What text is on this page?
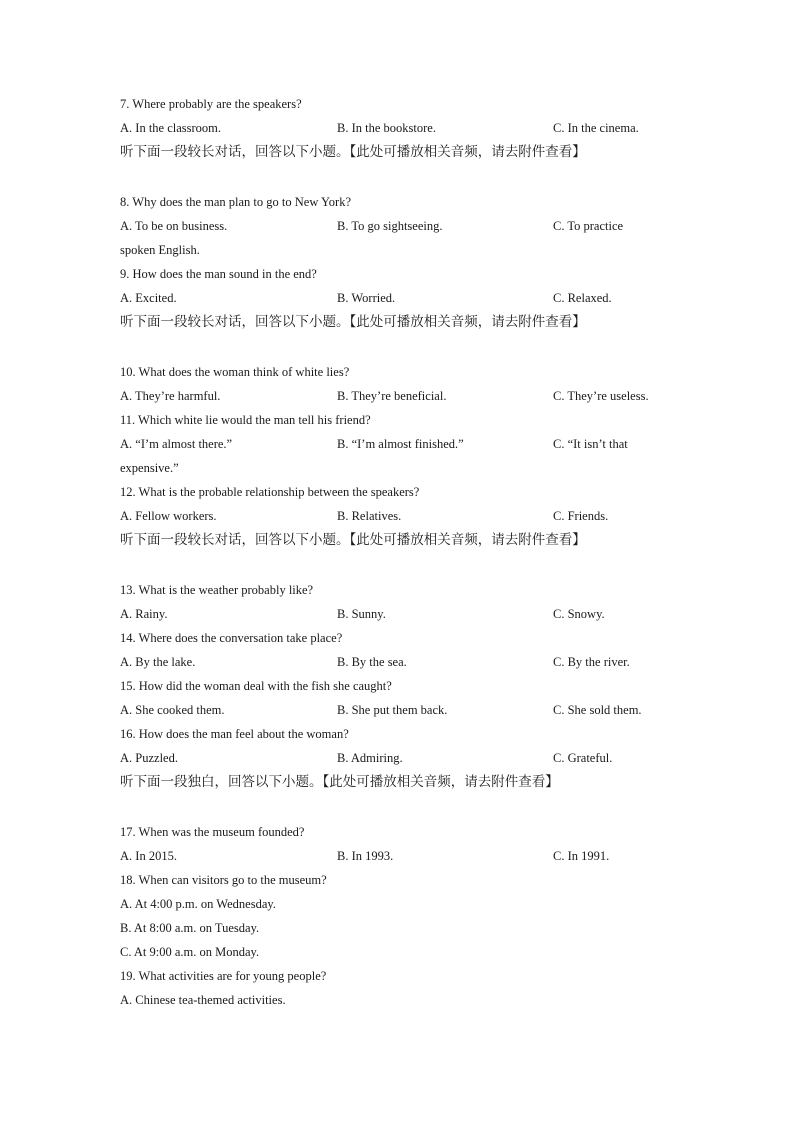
7. Where probably are the speakers?
A. In the classroom.	B. In the bookstore.	C. In the cinema.
听下面一段较长对话，回答以下小题。【此处可播放相关音频，请去附件查看】
8. Why does the man plan to go to New York?
A. To be on business.	B. To go sightseeing.	C. To practice
spoken English.
9. How does the man sound in the end?
A. Excited.	B. Worried.	C. Relaxed.
听下面一段较长对话，回答以下小题。【此处可播放相关音频，请去附件查看】
10. What does the woman think of white lies?
A. They’re harmful.	B. They’re beneficial.	C. They’re useless.
11. Which white lie would the man tell his friend?
A. “I’m almost there.”	B. “I’m almost finished.”	C. “It isn’t that
expensive.”
12. What is the probable relationship between the speakers?
A. Fellow workers.	B. Relatives.	C. Friends.
听下面一段较长对话，回答以下小题。【此处可播放相关音频，请去附件查看】
13. What is the weather probably like?
A. Rainy.	B. Sunny.	C. Snowy.
14. Where does the conversation take place?
A. By the lake.	B. By the sea.	C. By the river.
15. How did the woman deal with the fish she caught?
A. She cooked them.	B. She put them back.	C. She sold them.
16. How does the man feel about the woman?
A. Puzzled.	B. Admiring.	C. Grateful.
听下面一段独白，回答以下小题。【此处可播放相关音频，请去附件查看】
17. When was the museum founded?
A. In 2015.	B. In 1993.	C. In 1991.
18. When can visitors go to the museum?
A. At 4:00 p.m. on Wednesday.
B. At 8:00 a.m. on Tuesday.
C. At 9:00 a.m. on Monday.
19. What activities are for young people?
A. Chinese tea-themed activities.
